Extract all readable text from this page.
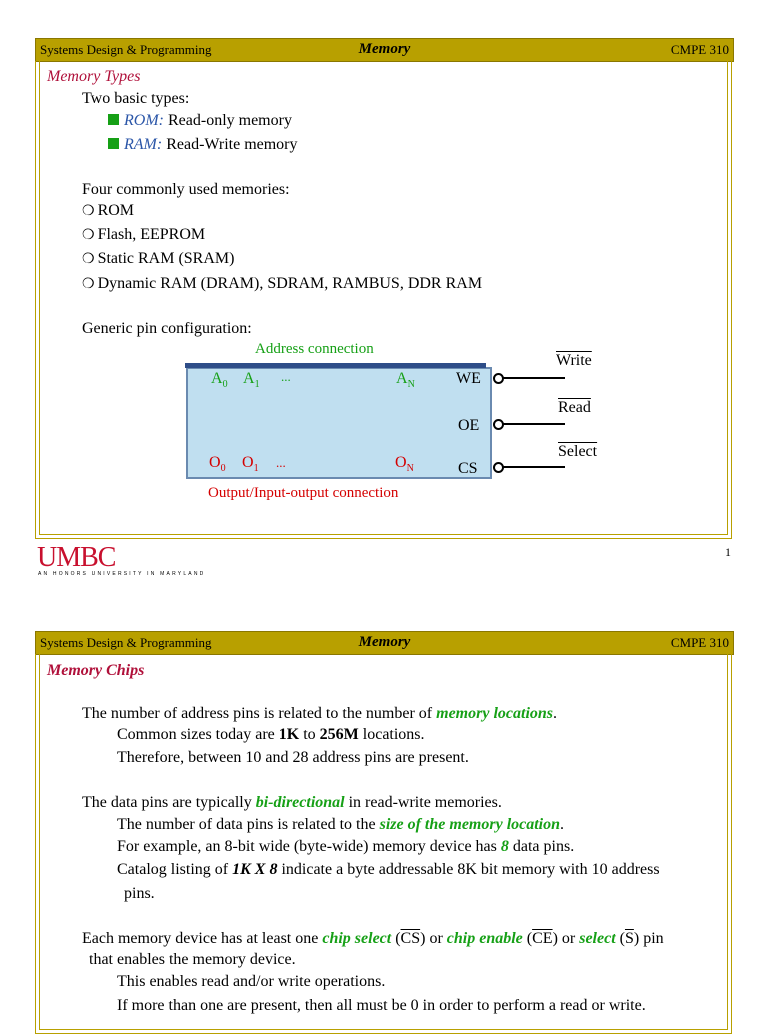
Systems Design & Programming	Memory	CMPE 310
Memory Types
Two basic types:
ROM: Read-only memory
RAM: Read-Write memory
Four commonly used memories:
❍ ROM
❍ Flash, EEPROM
❍ Static RAM (SRAM)
❍ Dynamic RAM (DRAM), SDRAM, RAMBUS, DDR RAM
Generic pin configuration:
Address connection
$A_0$ $A_1$
...	$A_N$
$O_0$ $O_1$ ...	$O_N$
WE
OE
CS
Write
Read
Select
Output/Input-output connection
1
UMBC
AN HONORS UNIVERSITY IN MARYLAND
Systems Design & Programming	Memory	CMPE 310
Memory Chips
The number of address pins is related to the number of memory locations.
Common sizes today are 1K to 256M locations.
Therefore, between 10 and 28 address pins are present.
The data pins are typically bi-directional in read-write memories.
The number of data pins is related to the size of the memory location.
For example, an 8-bit wide (byte-wide) memory device has 8 data pins.
Catalog listing of 1K X 8 indicate a byte addressable 8K bit memory with 10 address
pins.
Each memory device has at least one chip select $(\overline{CS})$ or chip enable $(\overline{CE})$ or select $(\overline{S})$ pin
that enables the memory device.
This enables read and/or write operations.
If more than one are present, then all must be 0 in order to perform a read or write.
